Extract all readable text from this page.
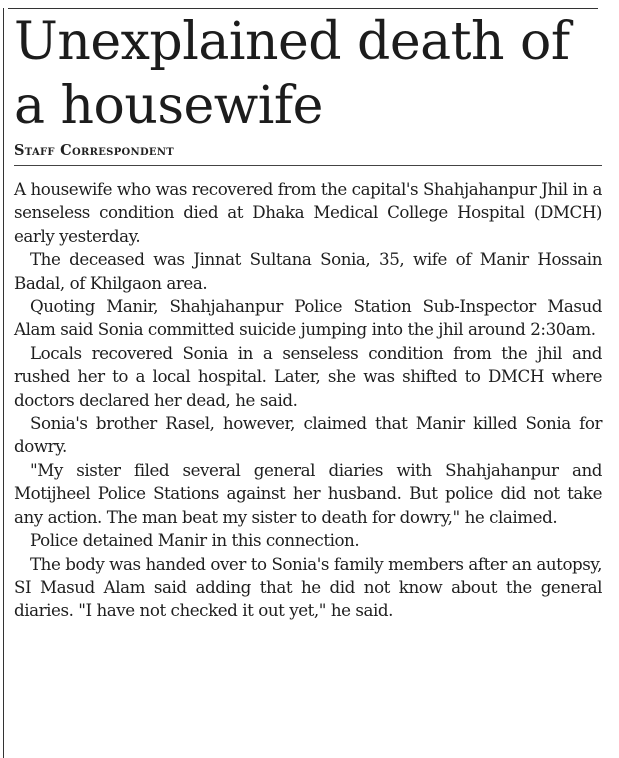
Unexplained death of a housewife
Staff Correspondent

A housewife who was recovered from the capital's Shahjahanpur Jhil in a senseless condition died at Dhaka Medical College Hospital (DMCH) early yesterday.

The deceased was Jinnat Sultana Sonia, 35, wife of Manir Hossain Badal, of Khilgaon area.

Quoting Manir, Shahjahanpur Police Station Sub-Inspector Masud Alam said Sonia committed suicide jumping into the jhil around 2:30am.

Locals recovered Sonia in a senseless condition from the jhil and rushed her to a local hospital. Later, she was shifted to DMCH where doctors declared her dead, he said.

Sonia's brother Rasel, however, claimed that Manir killed Sonia for dowry.

"My sister filed several general diaries with Shahjahanpur and Motijheel Police Stations against her husband. But police did not take any action. The man beat my sister to death for dowry," he claimed.

Police detained Manir in this connection.

The body was handed over to Sonia's family members after an autopsy, SI Masud Alam said adding that he did not know about the general diaries. "I have not checked it out yet," he said.
